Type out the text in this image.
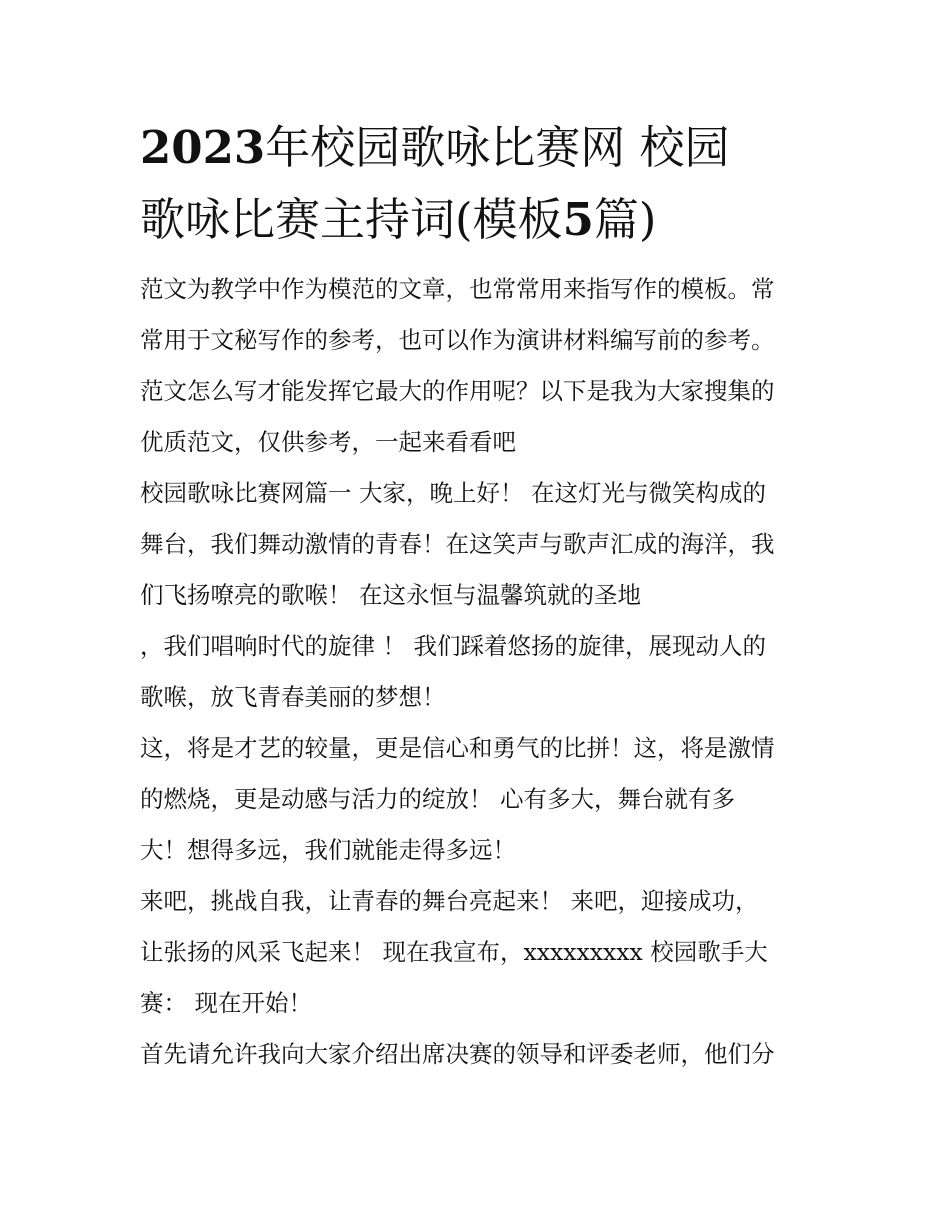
2023年校园歌咏比赛网 校园
歌咏比赛主持词(模板5篇)
范文为教学中作为模范的文章，也常常用来指写作的模板。常
常用于文秘写作的参考，也可以作为演讲材料编写前的参考。
范文怎么写才能发挥它最大的作用呢？以下是我为大家搜集的
优质范文，仅供参考，一起来看看吧
校园歌咏比赛网篇一 大家，晚上好！ 在这灯光与微笑构成的
舞台，我们舞动激情的青春！在这笑声与歌声汇成的海洋，我
们飞扬嘹亮的歌喉！ 在这永恒与温馨筑就的圣地
，我们唱响时代的旋律 ！ 我们踩着悠扬的旋律，展现动人的
歌喉，放飞青春美丽的梦想！
这，将是才艺的较量，更是信心和勇气的比拼！这，将是激情
的燃烧，更是动感与活力的绽放！ 心有多大，舞台就有多
大！想得多远，我们就能走得多远！
来吧，挑战自我，让青春的舞台亮起来！ 来吧，迎接成功，
让张扬的风采飞起来！ 现在我宣布，xxxxxxxxx 校园歌手大
赛： 现在开始！
首先请允许我向大家介绍出席决赛的领导和评委老师，他们分
